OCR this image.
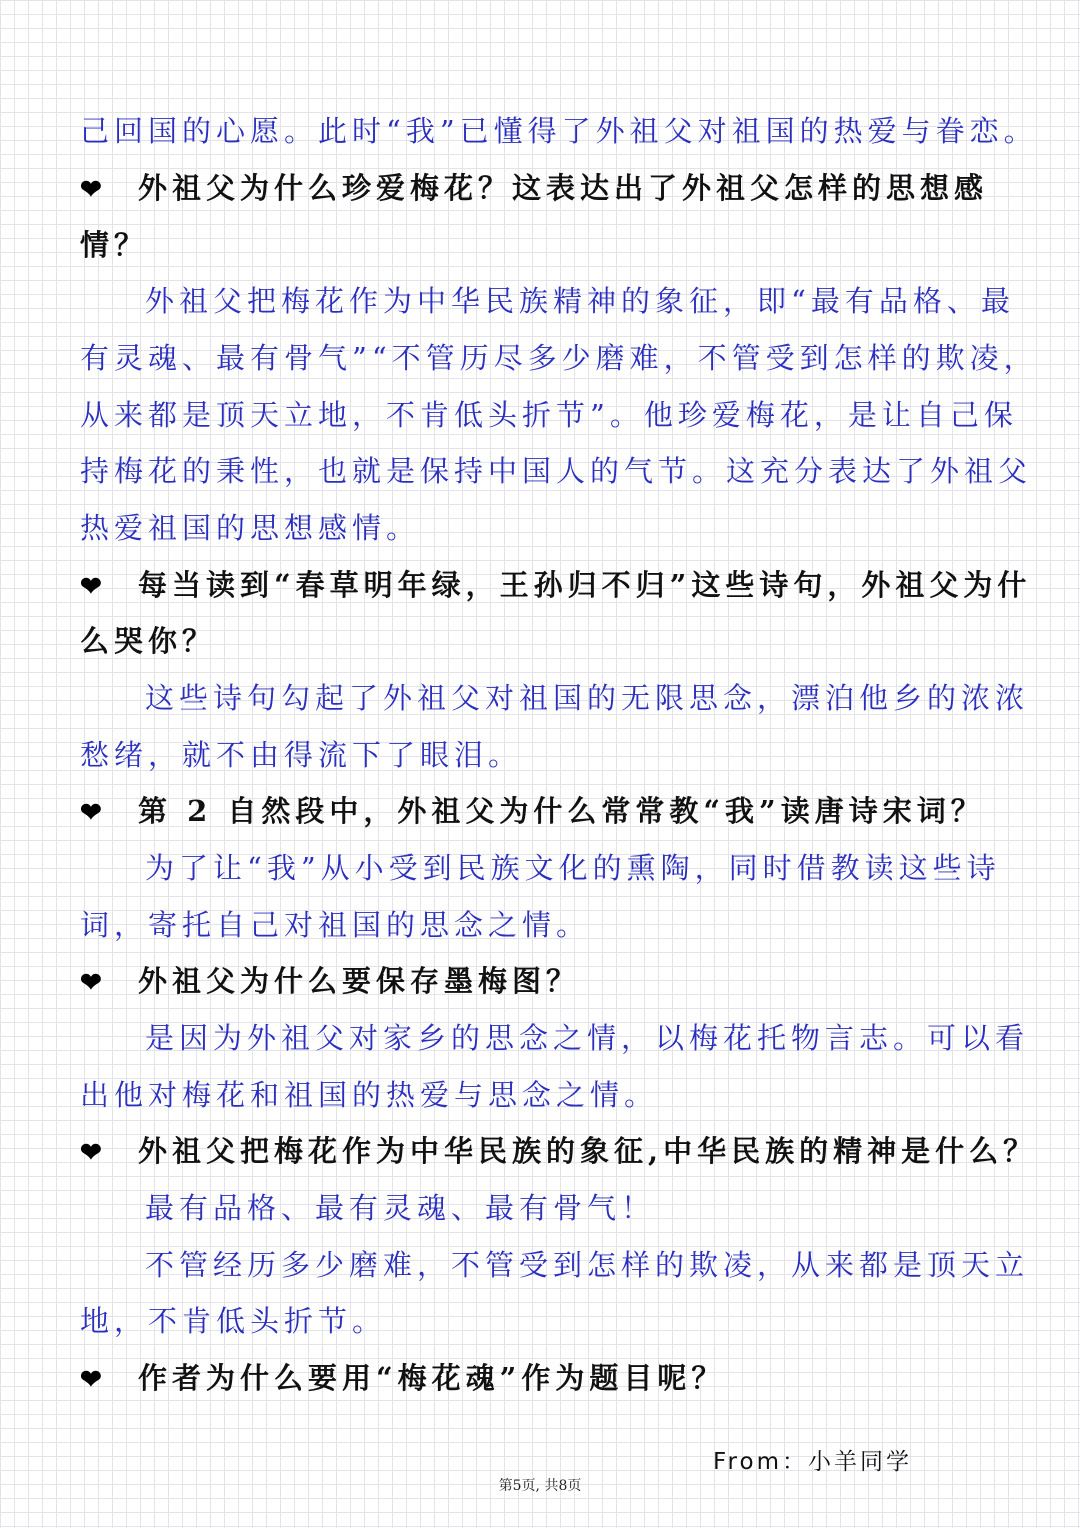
己回国的心愿。此时“我”已懂得了外祖父对祖国的热爱与眷恋。
❤ 外祖父为什么珍爱梅花？这表达出了外祖父怎样的思想感
情？
外祖父把梅花作为中华民族精神的象征，即“最有品格、最
有灵魂、最有骨气”“不管历尽多少磨难，不管受到怎样的欺凌，
从来都是顶天立地，不肯低头折节”。他珍爱梅花，是让自己保
持梅花的秉性，也就是保持中国人的气节。这充分表达了外祖父
热爱祖国的思想感情。
❤ 每当读到“春草明年绿，王孙归不归”这些诗句，外祖父为什
么哭你？
这些诗句勾起了外祖父对祖国的无限思念，漂泊他乡的浓浓
愁绪，就不由得流下了眼泪。
❤ 第 2 自然段中，外祖父为什么常常教“我”读唐诗宋词？
为了让“我”从小受到民族文化的熏陶，同时借教读这些诗
词，寄托自己对祖国的思念之情。
❤ 外祖父为什么要保存墨梅图？
是因为外祖父对家乡的思念之情，以梅花托物言志。可以看
出他对梅花和祖国的热爱与思念之情。
❤ 外祖父把梅花作为中华民族的象征,中华民族的精神是什么？
最有品格、最有灵魂、最有骨气！
不管经历多少磨难，不管受到怎样的欺凌，从来都是顶天立
地，不肯低头折节。
❤ 作者为什么要用“梅花魂”作为题目呢？
From：小羊同学
第5页, 共8页
